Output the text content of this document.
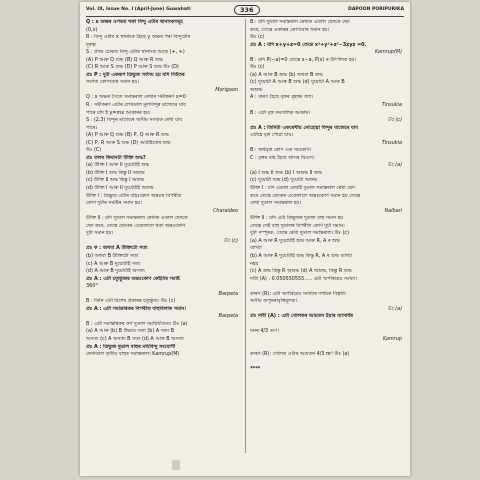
Vol. IX, Issue No. I (April-June) Guwahati	336	DAPOON PORIPURIKA
Q : x অক্ষৰ ওপৰত থকা বিন্দু এটাৰ স্থানাংকসমূহ
(0,x)
R : বিন্দু এটাৰ x স্থানাংক হৈছে y অক্ষৰ পৰা বিন্দুটোৰ
দূৰত্ব।
S : প্ৰথম চোকত বিন্দু এটাৰ স্থানাংক আছে (+, +)
(A) P আৰু Q শুদ্ধ (B) Q আৰু R শুদ্ধ
(C) R আৰু S শুদ্ধ (D) P আৰু S শুদ্ধ উঃ (D)
প্ৰঃ P : দুটা একৰূপ ত্ৰিভুজ সৰ্বসম হয় যদি সিহঁতৰ
সংগত কোণবোৰ সমান হয়।
Morigaon
Q : x অক্ষৰ সৈতে সমান্তৰাল ৰেখাৰ সমীকৰণ x=0
R : সমীকৰণ এটাৰ লেখডাল মূলবিন্দুৰ মাজেৰে যাব
পাৰে যদি ই y=mx আকাৰৰ হয়।
S : (2,3) বিন্দুৰ মাজেৰে অসীম সংখ্যক ৰেখা যাব
পাৰে।
(A) P আৰু Q শুদ্ধ (B) P, Q আৰু R শুদ্ধ
(C) P, R আৰু S শুদ্ধ (D) আটাইবোৰ শুদ্ধ
উঃ (C)
প্ৰঃ তলৰ কিমানটা উক্তি শুদ্ধ?
(a) উক্তি I আৰু II দুয়োটাই শুদ্ধ
(b) উক্তি I শুদ্ধ কিন্তু II অশুদ্ধ
(c) উক্তি II শুদ্ধ কিন্তু I অশুদ্ধ
(d) উক্তি I আৰু II দুয়োটাই অশুদ্ধ
উক্তি I : ত্ৰিভুজ এটাৰ বহিঃকোণ অন্তঃস্থ বিপৰীত
কোণ দুটাৰ সমষ্টিৰ সমান হয়।
Charaideo
উক্তি II : যদি দুডাল সমান্তৰাল ৰেখাক এডাল ছেদকে
ছেদ কৰে, তেন্তে ছেদকৰ একেফালে থকা অন্তঃকোণ
দুটা সমান হয়।
উঃ (c)
প্ৰঃ ক : অথবা A উক্তিটো সত্য
(b) অথবা B উক্তিটো সত্য
(c) A আৰু B দুয়োটাই সত্য
(d) A আৰু B দুয়োটাই অসত্য
প্ৰঃ A : এটা চতুৰ্ভুজৰ অন্তঃকোণ কেইটাৰ সমষ্টি
360°
Barpeta
B : তিনি এটা বিশেষ প্ৰকাৰৰ চতুৰ্ভুজ। উঃ (c)
প্ৰঃ A : এটা সমান্তৰিকৰ বিপৰীত বাহুবিলাক সমান।
Barpeta
B : এটা সমান্তৰিকৰ কৰ্ণ দুডাল সমদ্বিখণ্ডিত। উঃ (a)
(a) A আৰু (b) B উভয়ে সত্য (b) A সত্য B
অসত্য (c) A অসত্য B সত্য (d) A আৰু B অসত্য
প্ৰঃ A : ত্ৰিভুজ দুডাল বাহুৰ মধ্যবিন্দু সংযোগী
ৰেখাডাল তৃতীয় বাহুৰ সমান্তৰাল। Kamrup(M)
B : যদি দুডাল সমান্তৰাল ৰেখাক এডাল ছেদকে ছেদ
কৰে, তেন্তে একান্তৰ কোণবোৰ সমান হয়।
উঃ (c)
প্ৰঃ A : যদি x+y+z=0 তেন্তে x³+y³+z³−3xyz =0.
Kamrup(M)
B : যদি P(−a)=0 তেন্তে x−a, P(x) ৰ উৎপাদক হয়।
উঃ (c)
(a) A আৰু B শুদ্ধ (b) অথবা B শুদ্ধ
(c) দুয়োটা A আৰু B শুদ্ধ (d) দুয়োটা A আৰু B
অশুদ্ধ
A : বাৰণ হৈছে বৃত্তৰ বৃহত্তম জ্যা।
Tinsukia
B : এটা বৃত্ত সমতলিক আকাৰ।
উঃ (c)
প্ৰঃ A : তিনিটা একৰেখীয় নোহোৱা বিন্দুৰ মাজেৰে যাব
এটাহে বৃত্ত পোৱা যায়।
Tinsukia
B : অৰ্দ্ধবৃত্ত কোণ এক সমকোণ।
C : বৃত্তৰ বাহ হৈছে ব্যাসৰ দ্বিগুণ।
উঃ (a)
(a) I শুদ্ধ II শুদ্ধ (b) I অশুদ্ধ II শুদ্ধ
(c) দুয়োটা শুদ্ধ (d) দুয়োটা অশুদ্ধ
উক্তি I : যদি এডাল ৰেখাই দুডাল সমান্তৰাল ৰেখা ছেদ
কৰে তেন্তে ছেদকৰ একেফালে অন্তঃকোণ সমান হয় তেন্তে
ৰেখা দুডাল সমান্তৰাল হয়।
Nalbari
উক্তি II : যদি এটা ত্ৰিভুজৰ দুডাল বাহু সমান হয়
তেন্তে সেই বাহু দুডালৰ বিপৰীত কোণ দুটা সমান।
দুটা সম্পূৰক, তেন্তে ৰেখা দুডাল সমান্তৰাল। উঃ (c)
(a) A আৰু R দুয়োটাই শুদ্ধ আৰু R, A ৰ শুদ্ধ
ব্যাখ্যা
(b) A আৰু R দুয়োটাই শুদ্ধ কিন্তু R, A ৰ শুদ্ধ ব্যাখ্যা
নহয়
(c) A শুদ্ধ কিন্তু R অশুদ্ধ (d) A অশুদ্ধ, কিন্তু R শুদ্ধ
দাবী (A) : 0.050550555..... এটা অপৰিমেয় সংখ্যা।
কাৰণ (R): এটা অপৰিমেয় সংখ্যাৰ দশমিক বিস্তৃতি
অসীম অপুনৰাবৃত্তিমূলক।
উঃ (a)
প্ৰঃ দাবী (A) : এটা গোলকৰ আয়তন ইয়াৰ ব্যাসাৰ্ধৰ
ঘনৰ 4/3 গুণ।
Kamrup
কাৰণ (R): গোলক এটাৰ আয়তন 4/3 πr³ উঃ (a)
****
